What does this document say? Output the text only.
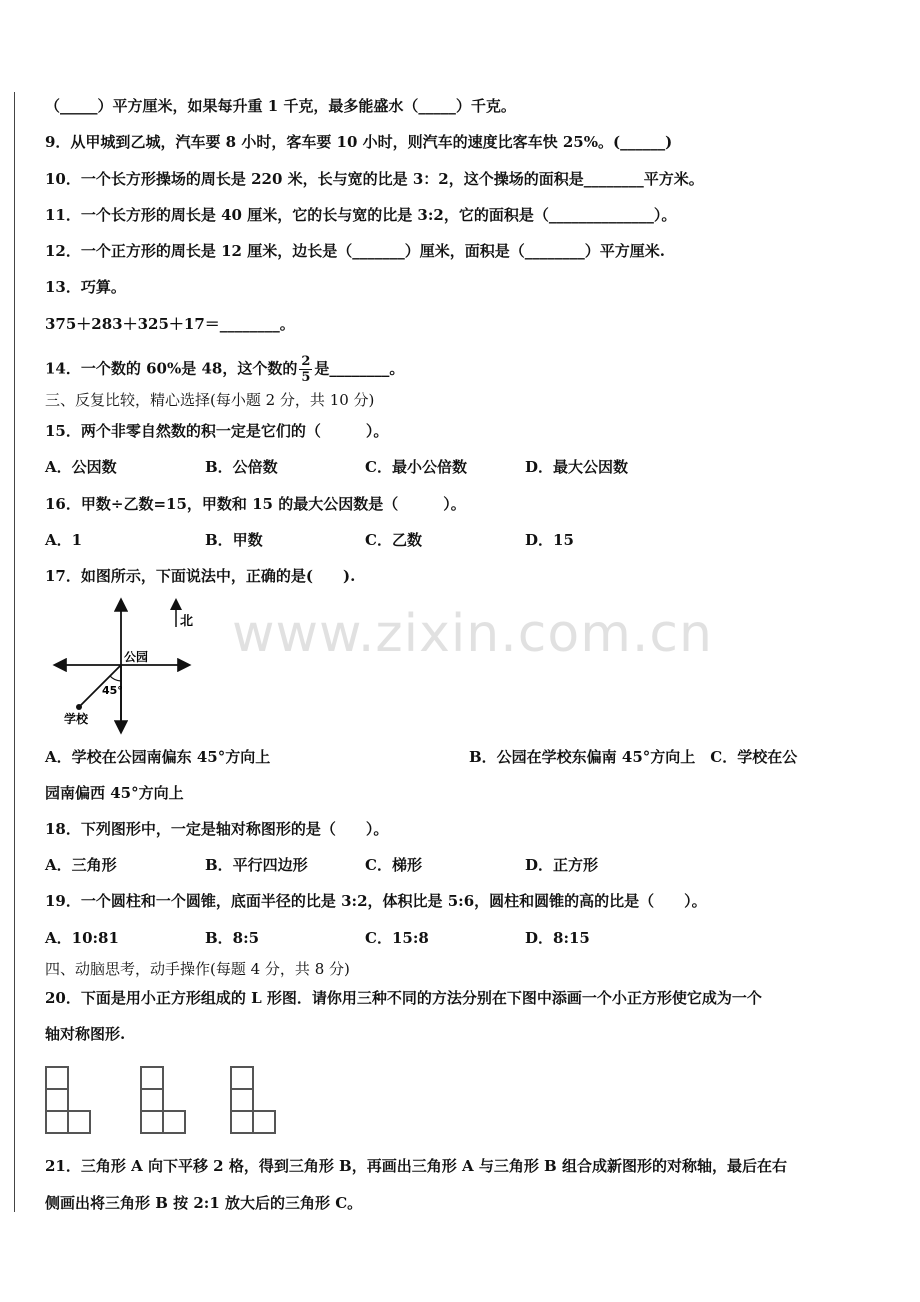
www.zixin.com.cn
（_____）平方厘米，如果每升重 1 千克，最多能盛水（_____）千克。
9．从甲城到乙城，汽车要 8 小时，客车要 10 小时，则汽车的速度比客车快 25%。(______)
10．一个长方形操场的周长是 220 米，长与宽的比是 3：2，这个操场的面积是________平方米。
11．一个长方形的周长是 40 厘米，它的长与宽的比是 3:2，它的面积是（______________）。
12．一个正方形的周长是 12 厘米，边长是（_______）厘米，面积是（________）平方厘米.
13．巧算。
375＋283＋325＋17＝________。
14．一个数的 60%是 48，这个数的 $\frac{2}{5}$ 是________。
三、反复比较，精心选择(每小题 2 分，共 10 分)
15．两个非零自然数的积一定是它们的（　　　）。
A．公因数	B．公倍数	C．最小公倍数	D．最大公因数
16．甲数÷乙数=15，甲数和 15 的最大公因数是（　　　）。
A．1	B．甲数	C．乙数	D．15
17．如图所示，下面说法中，正确的是(　　).
北
公园
45°
学校
A．学校在公园南偏东 45°方向上	B．公园在学校东偏南 45°方向上　C．学校在公
园南偏西 45°方向上
18．下列图形中，一定是轴对称图形的是（　　）。
A．三角形	B．平行四边形	C．梯形	D．正方形
19．一个圆柱和一个圆锥，底面半径的比是 3:2，体积比是 5:6，圆柱和圆锥的高的比是（　　）。
A．10:81	B．8:5	C．15:8	D．8:15
四、动脑思考，动手操作(每题 4 分，共 8 分)
20．下面是用小正方形组成的 L 形图．请你用三种不同的方法分别在下图中添画一个小正方形使它成为一个
轴对称图形.
21．三角形 A 向下平移 2 格，得到三角形 B，再画出三角形 A 与三角形 B 组合成新图形的对称轴，最后在右
侧画出将三角形 B 按 2:1 放大后的三角形 C。
